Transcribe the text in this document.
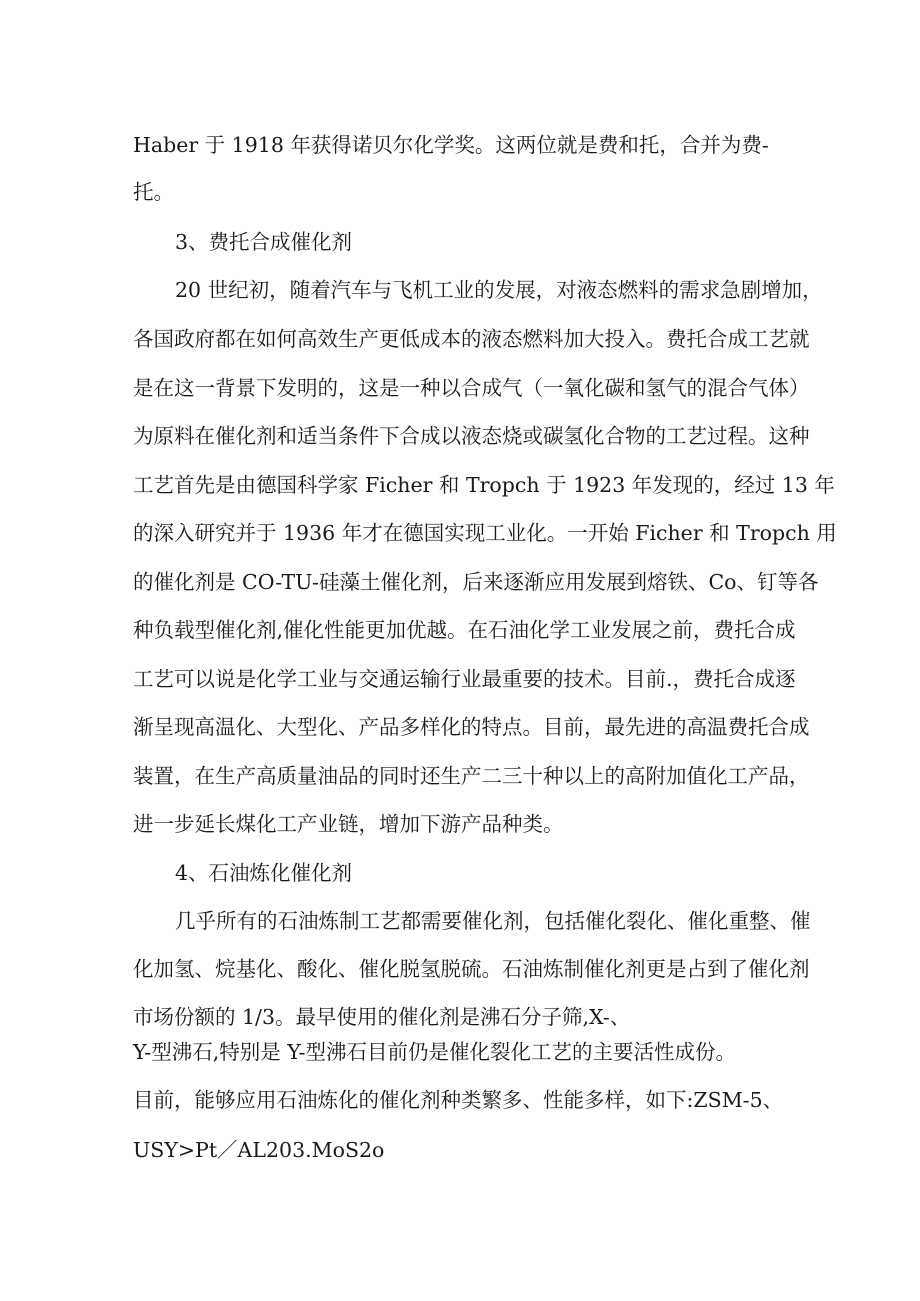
Haber 于 1918 年获得诺贝尔化学奖。这两位就是费和托，合并为费-

托。

3、费托合成催化剂

20 世纪初，随着汽车与飞机工业的发展，对液态燃料的需求急剧增加，

各国政府都在如何高效生产更低成本的液态燃料加大投入。费托合成工艺就

是在这一背景下发明的，这是一种以合成气（一氧化碳和氢气的混合气体）

为原料在催化剂和适当条件下合成以液态烧或碳氢化合物的工艺过程。这种

工艺首先是由德国科学家 Ficher 和 Tropch 于 1923 年发现的，经过 13 年

的深入研究并于 1936 年才在德国实现工业化。一开始 Ficher 和 Tropch 用

的催化剂是 CO-TU-硅藻土催化剂，后来逐渐应用发展到熔铁、Co、钉等各

种负载型催化剂,催化性能更加优越。在石油化学工业发展之前，费托合成

工艺可以说是化学工业与交通运输行业最重要的技术。目前.，费托合成逐

渐呈现高温化、大型化、产品多样化的特点。目前，最先进的高温费托合成

装置，在生产高质量油品的同时还生产二三十种以上的高附加值化工产品，

进一步延长煤化工产业链，增加下游产品种类。

4、石油炼化催化剂

几乎所有的石油炼制工艺都需要催化剂，包括催化裂化、催化重整、催

化加氢、烷基化、酸化、催化脱氢脱硫。石油炼制催化剂更是占到了催化剂

市场份额的 1/3。最早使用的催化剂是沸石分子筛,X-、

Y-型沸石,特别是 Y-型沸石目前仍是催化裂化工艺的主要活性成份。

目前，能够应用石油炼化的催化剂种类繁多、性能多样，如下:ZSM-5、

USY>Pt／AL203.MoS2o
